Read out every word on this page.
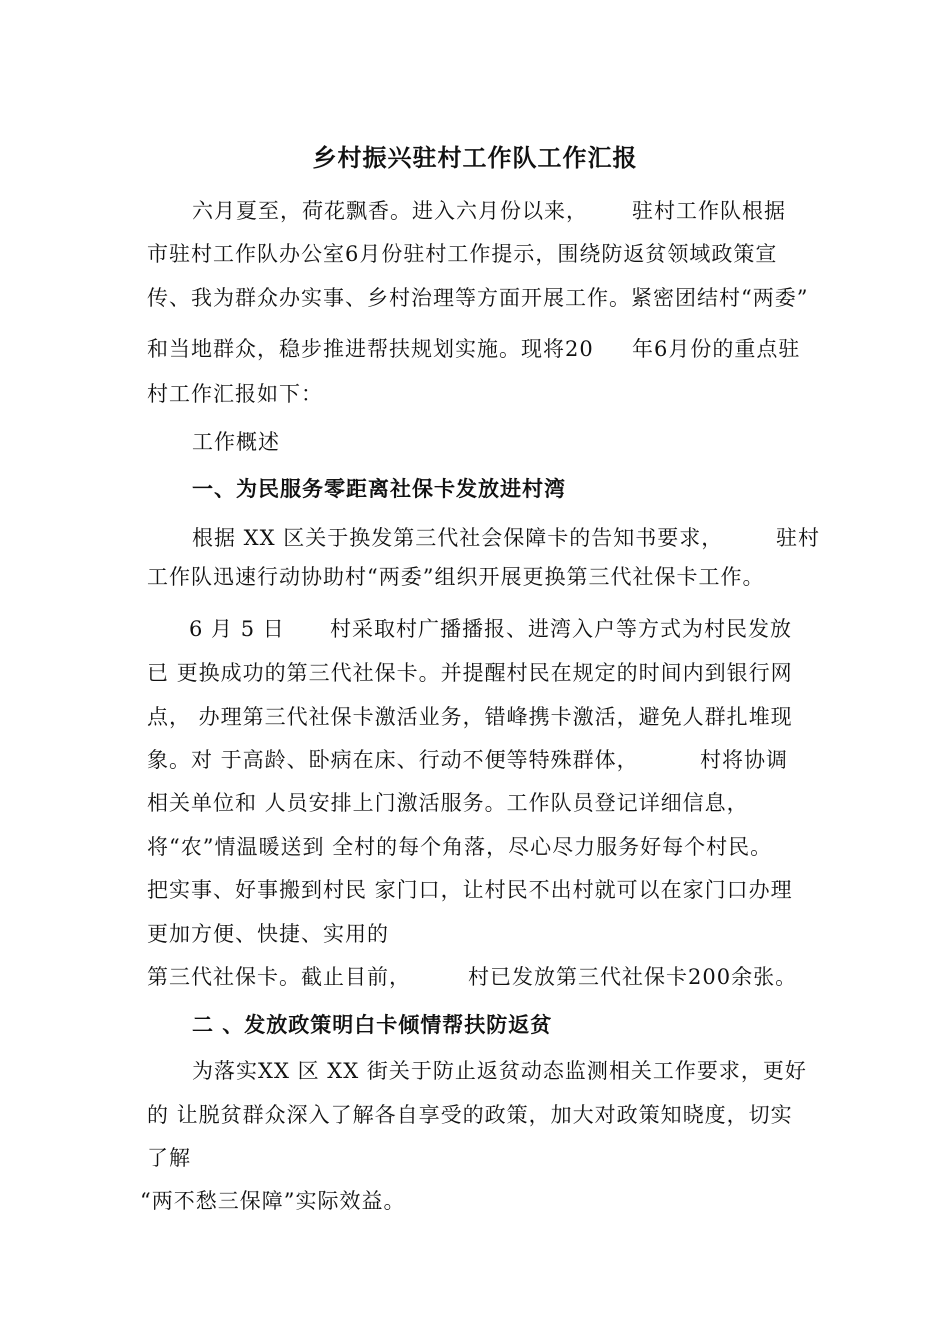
乡村振兴驻村工作队工作汇报
六月夏至，荷花飘香。进入六月份以来， 驻村工作队根据
市驻村工作队办公室6月份驻村工作提示，围绕防返贫领域政策宣
传、我为群众办实事、乡村治理等方面开展工作。紧密团结村“两委”
和当地群众，稳步推进帮扶规划实施。现将20 年6月份的重点驻
村工作汇报如下：
工作概述
一、为民服务零距离社保卡发放进村湾
根据 XX 区关于换发第三代社会保障卡的告知书要求，	驻村
工作队迅速行动协助村“两委”组织开展更换第三代社保卡工作。
6 月 5 日 村采取村广播播报、进湾入户等方式为村民发放
已 更换成功的第三代社保卡。并提醒村民在规定的时间内到银行网
点， 办理第三代社保卡激活业务，错峰携卡激活，避免人群扎堆现
象。对 于高龄、卧病在床、行动不便等特殊群体，	村将协调
相关单位和 人员安排上门激活服务。工作队员登记详细信息，
将“农”情温暖送到 全村的每个角落，尽心尽力服务好每个村民。
把实事、好事搬到村民 家门口，让村民不出村就可以在家门口办理
更加方便、快捷、实用的
第三代社保卡。截止目前，	村已发放第三代社保卡200余张。
二 、发放政策明白卡倾情帮扶防返贫
为落实XX 区 XX 街关于防止返贫动态监测相关工作要求，更好
的 让脱贫群众深入了解各自享受的政策，加大对政策知晓度，切实
了解
“两不愁三保障”实际效益。
